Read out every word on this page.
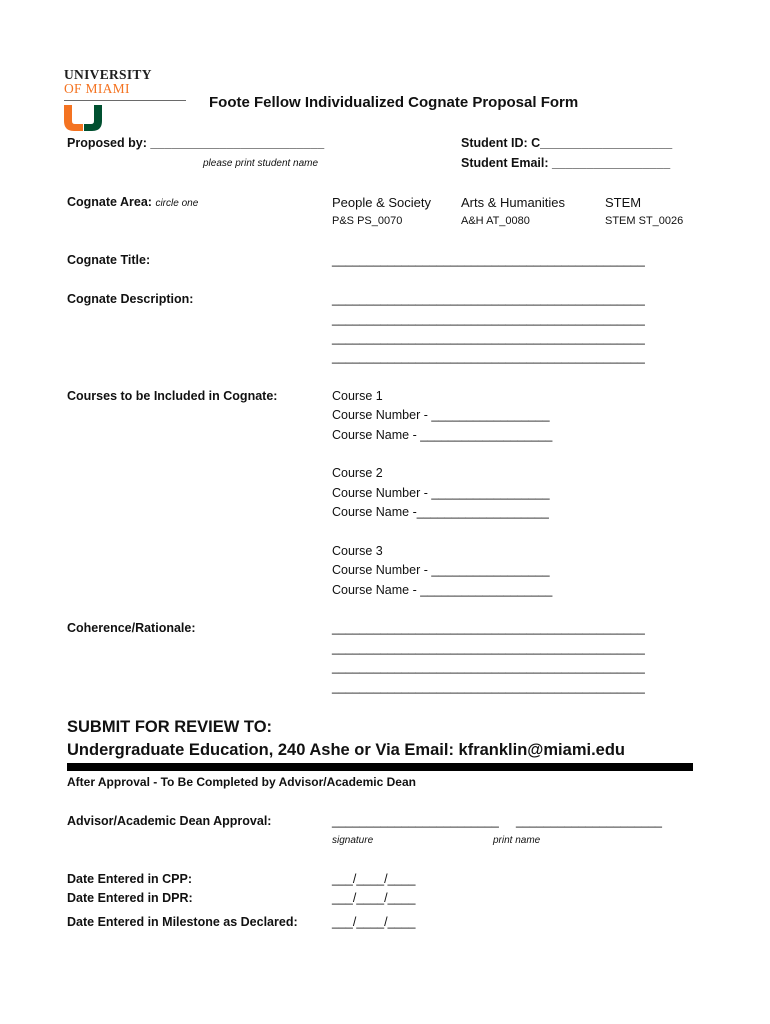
UNIVERSITY
OF MIAMI
Foote Fellow Individualized Cognate Proposal Form
Proposed by: _________________________
please print student name
Student ID: C___________________
Student Email: _________________
Cognate Area: circle one	People & Society Arts & Humanities	STEM
P&S PS_0070	A&H AT_0080	STEM ST_0026
Cognate Title:	_____________________________________________
Cognate Description:	_____________________________________________
_____________________________________________
_____________________________________________
_____________________________________________
Courses to be Included in Cognate:	Course 1
Course Number - _________________
Course Name - ___________________
Course 2
Course Number - _________________
Course Name -___________________
Course 3
Course Number - _________________
Course Name - ___________________
Coherence/Rationale:	_____________________________________________
_____________________________________________
_____________________________________________
_____________________________________________
SUBMIT FOR REVIEW TO:
Undergraduate Education, 240 Ashe or Via Email: kfranklin@miami.edu
After Approval - To Be Completed by Advisor/Academic Dean
Advisor/Academic Dean Approval:	________________________ _____________________
signature	print name
Date Entered in CPP:	___/____/____
Date Entered in DPR:	___/____/____
Date Entered in Milestone as Declared:	___/____/____
